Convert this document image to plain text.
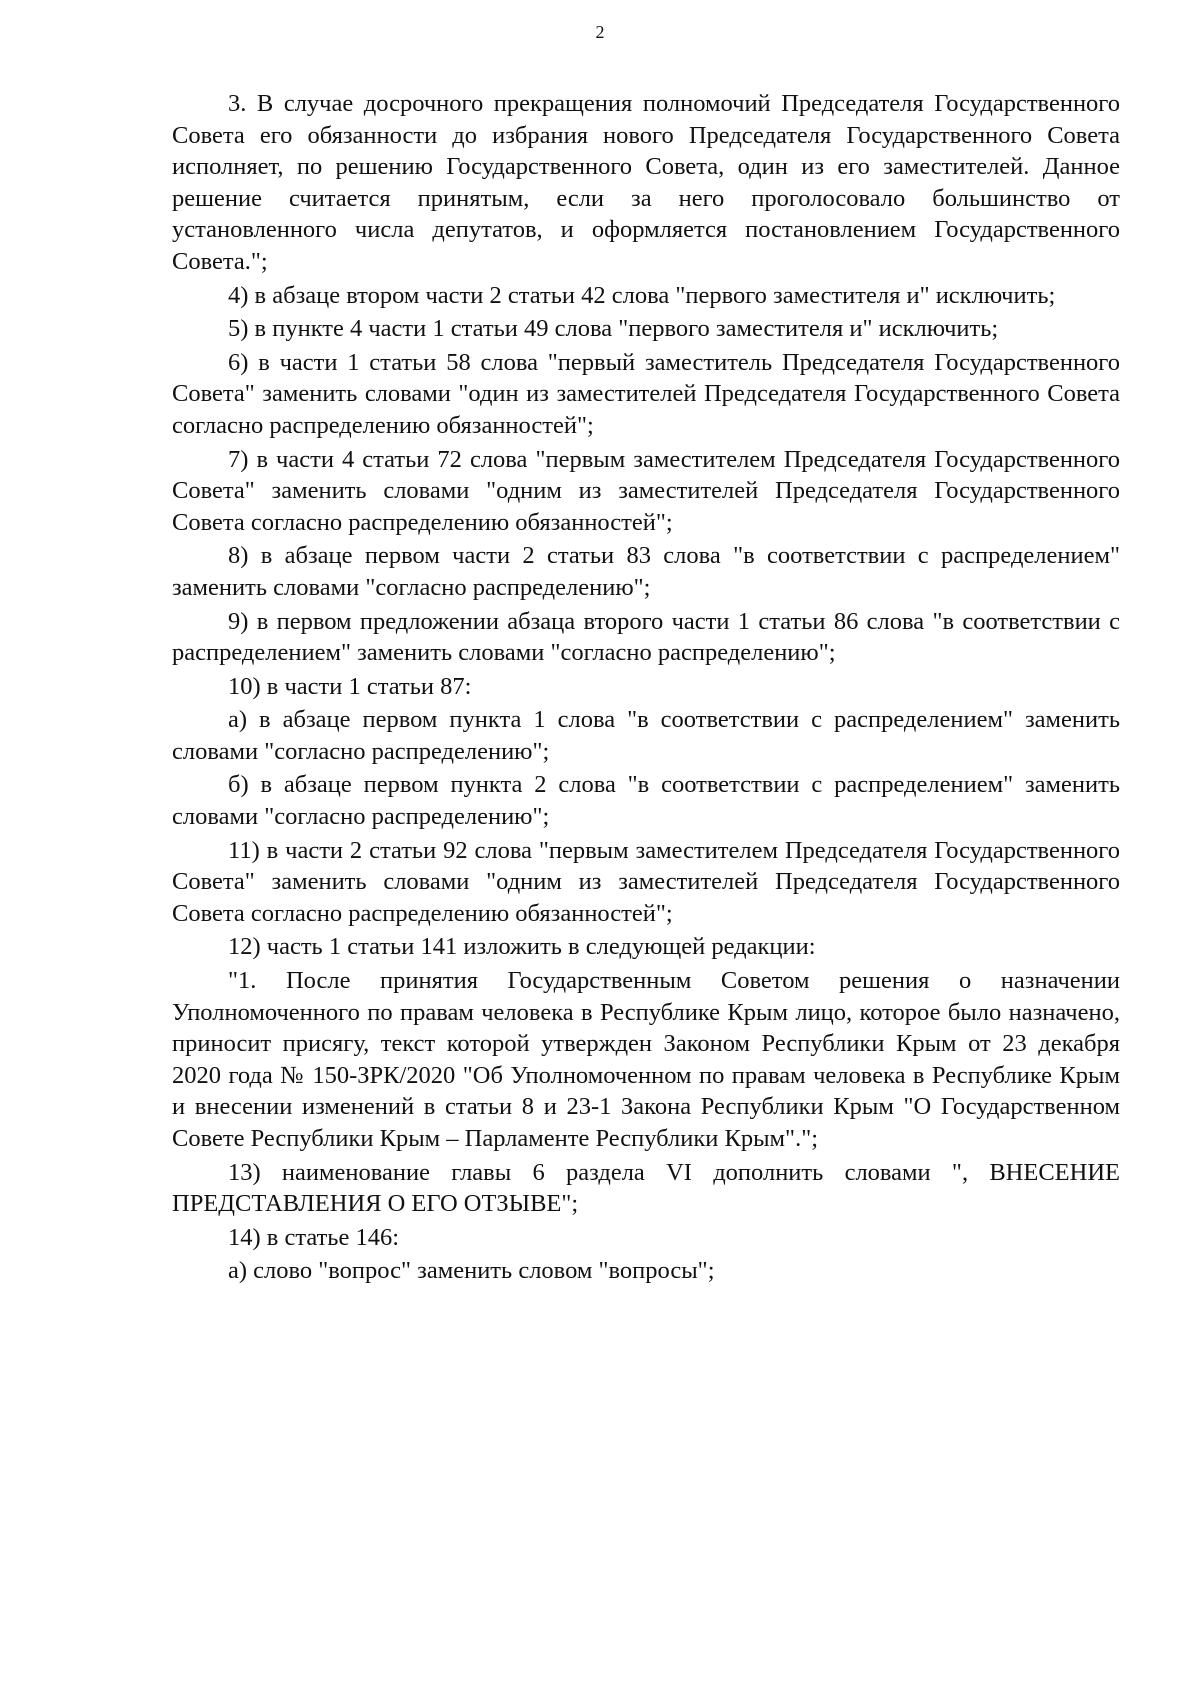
2

3. В случае досрочного прекращения полномочий Председателя Государственного Совета его обязанности до избрания нового Председателя Государственного Совета исполняет, по решению Государственного Совета, один из его заместителей. Данное решение считается принятым, если за него проголосовало большинство от установленного числа депутатов, и оформляется постановлением Государственного Совета.";

4) в абзаце втором части 2 статьи 42 слова "первого заместителя и" исключить;

5) в пункте 4 части 1 статьи 49 слова "первого заместителя и" исключить;

6) в части 1 статьи 58 слова "первый заместитель Председателя Государственного Совета" заменить словами "один из заместителей Председателя Государственного Совета согласно распределению обязанностей";

7) в части 4 статьи 72 слова "первым заместителем Председателя Государственного Совета" заменить словами "одним из заместителей Председателя Государственного Совета согласно распределению обязанностей";

8) в абзаце первом части 2 статьи 83 слова "в соответствии с распределением" заменить словами "согласно распределению";

9) в первом предложении абзаца второго части 1 статьи 86 слова "в соответствии с распределением" заменить словами "согласно распределению";

10) в части 1 статьи 87:

а) в абзаце первом пункта 1 слова "в соответствии с распределением" заменить словами "согласно распределению";

б) в абзаце первом пункта 2 слова "в соответствии с распределением" заменить словами "согласно распределению";

11) в части 2 статьи 92 слова "первым заместителем Председателя Государственного Совета" заменить словами "одним из заместителей Председателя Государственного Совета согласно распределению обязанностей";

12) часть 1 статьи 141 изложить в следующей редакции:

"1. После принятия Государственным Советом решения о назначении Уполномоченного по правам человека в Республике Крым лицо, которое было назначено, приносит присягу, текст которой утвержден Законом Республики Крым от 23 декабря 2020 года № 150-ЗРК/2020 "Об Уполномоченном по правам человека в Республике Крым и внесении изменений в статьи 8 и 23-1 Закона Республики Крым "О Государственном Совете Республики Крым – Парламенте Республики Крым".";

13) наименование главы 6 раздела VI дополнить словами ", ВНЕСЕНИЕ ПРЕДСТАВЛЕНИЯ О ЕГО ОТЗЫВЕ";

14) в статье 146:

а) слово "вопрос" заменить словом "вопросы";
